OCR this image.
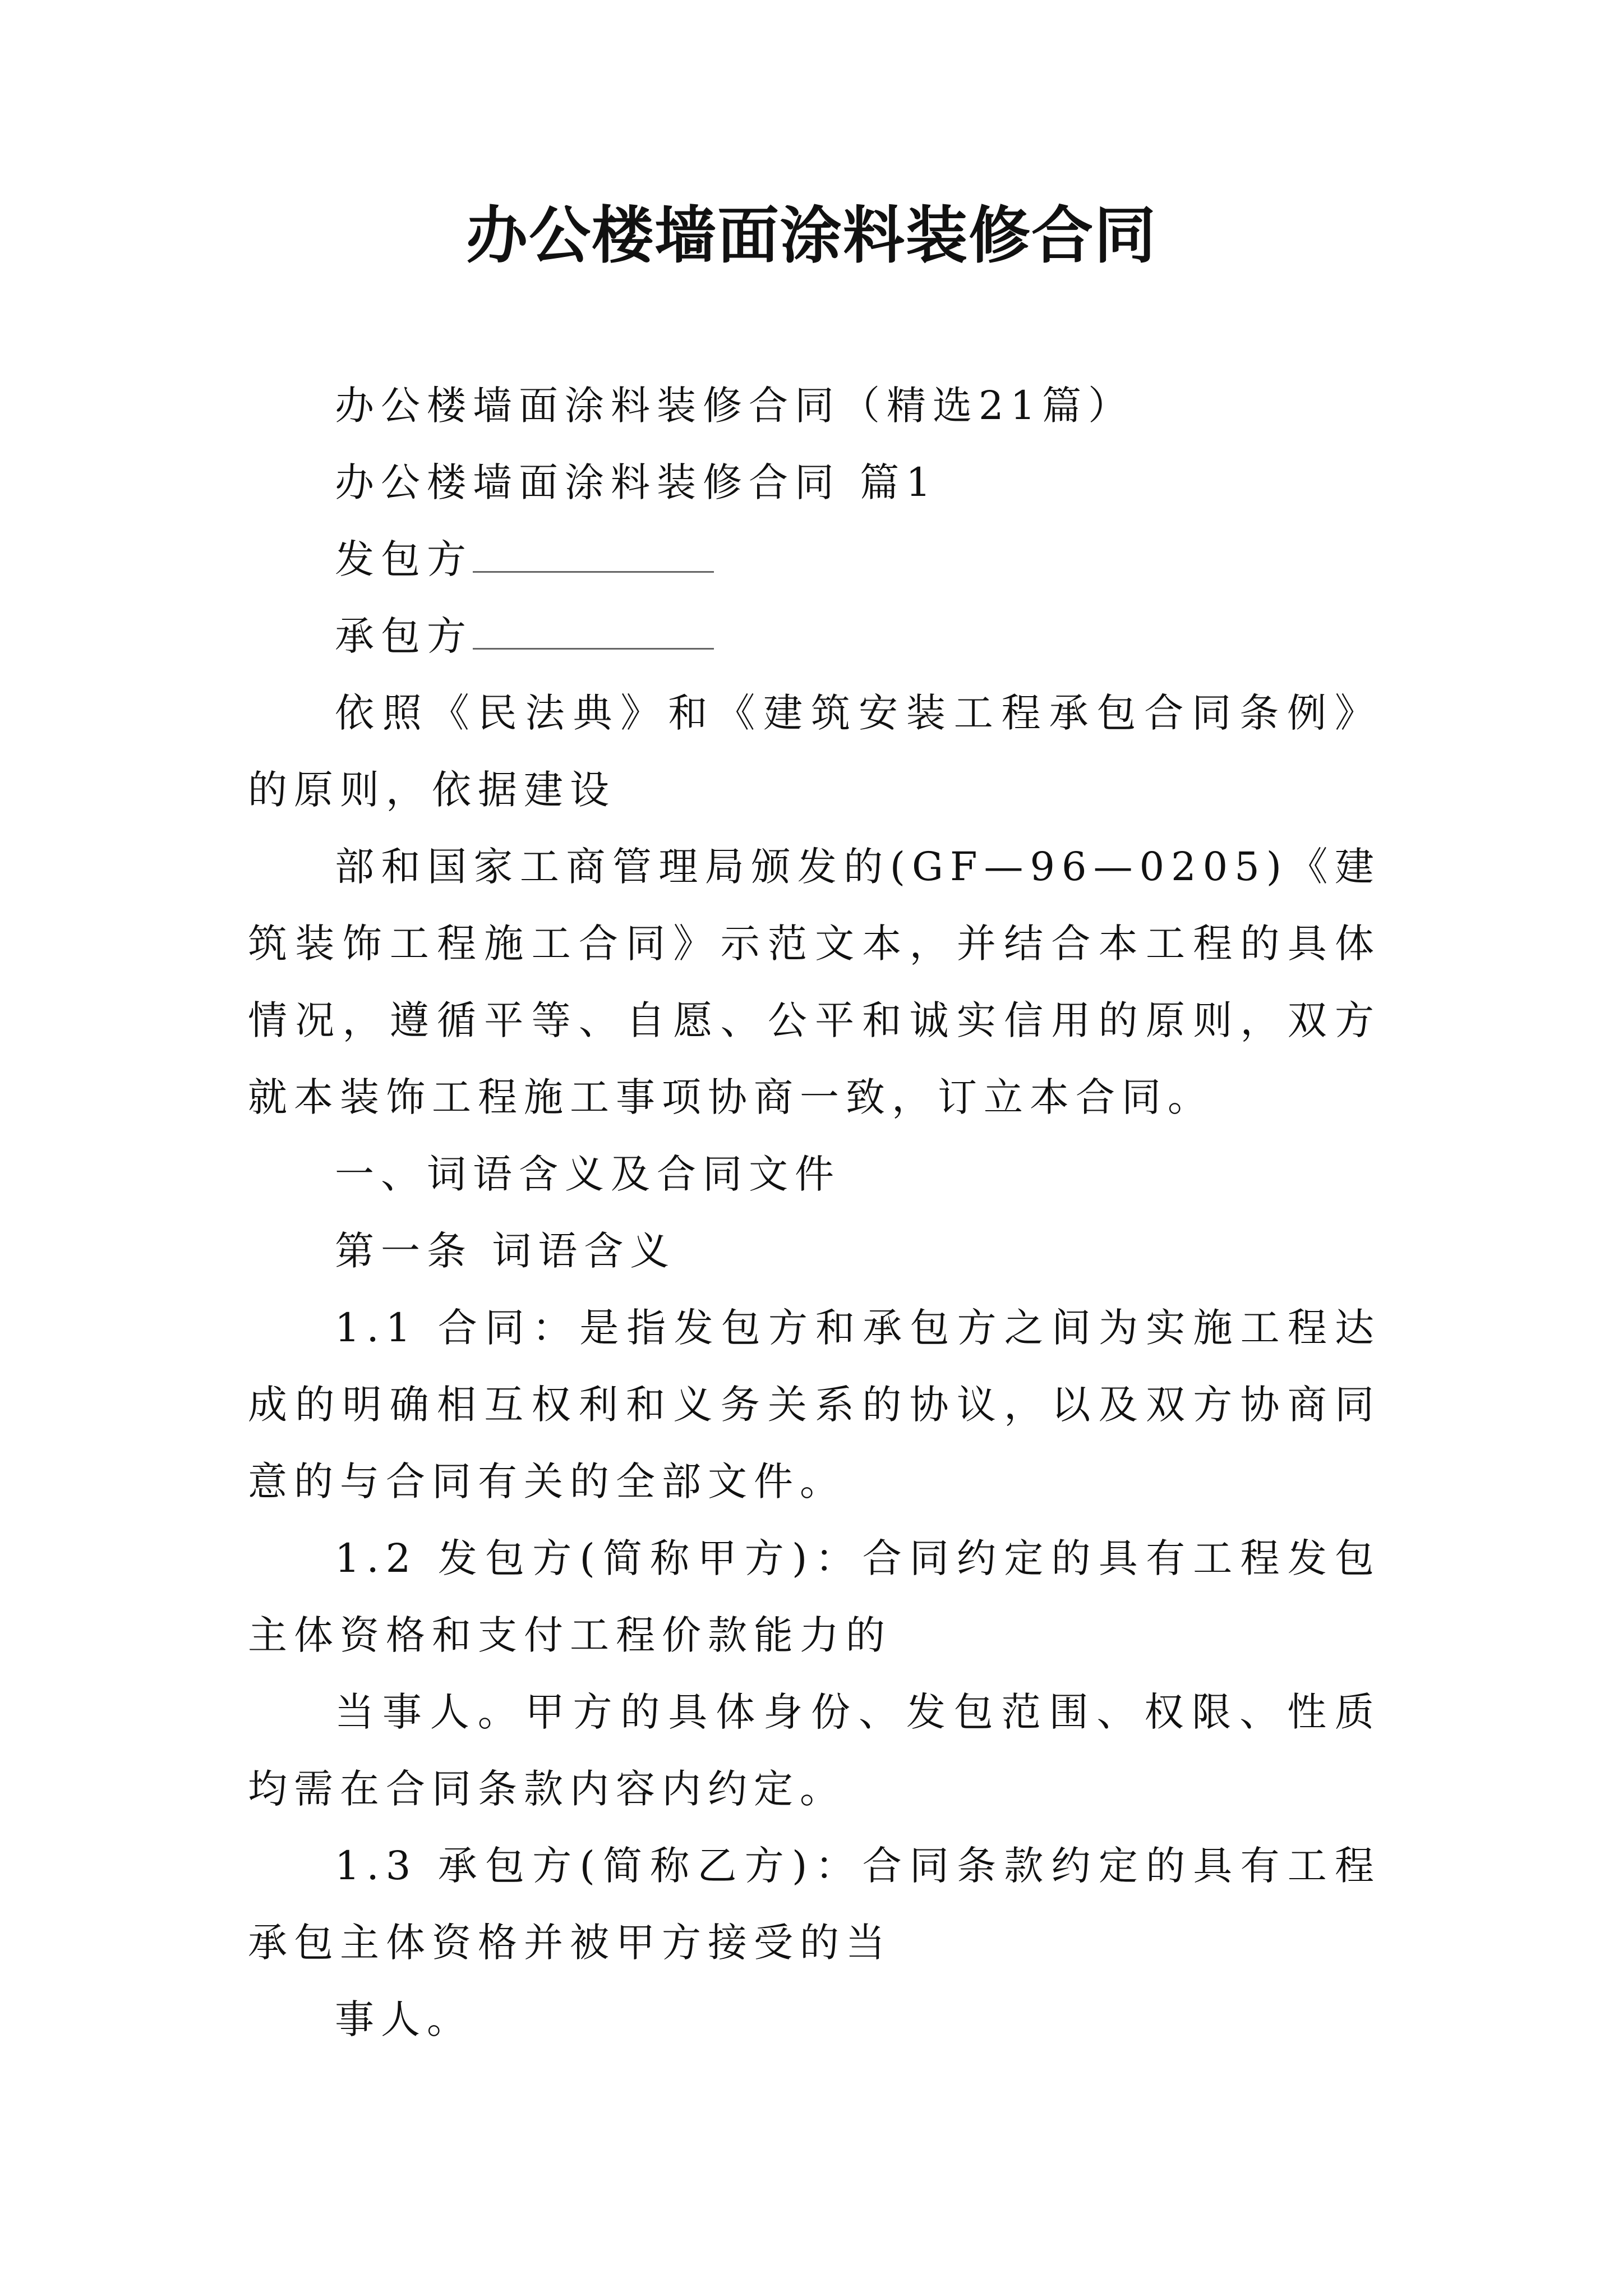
办公楼墙面涂料装修合同

办公楼墙面涂料装修合同（精选21篇）

办公楼墙面涂料装修合同 篇1

发包方

承包方

依照《民法典》和《建筑安装工程承包合同条例》的原则，依据建设

部和国家工商管理局颁发的(GF—96—0205)《建筑装饰工程施工合同》示范文本，并结合本工程的具体情况，遵循平等、自愿、公平和诚实信用的原则，双方就本装饰工程施工事项协商一致，订立本合同。

一、词语含义及合同文件

第一条 词语含义

1.1 合同：是指发包方和承包方之间为实施工程达成的明确相互权利和义务关系的协议，以及双方协商同意的与合同有关的全部文件。

1.2 发包方(简称甲方)：合同约定的具有工程发包主体资格和支付工程价款能力的

当事人。甲方的具体身份、发包范围、权限、性质均需在合同条款内容内约定。

1.3 承包方(简称乙方)：合同条款约定的具有工程承包主体资格并被甲方接受的当

事人。
